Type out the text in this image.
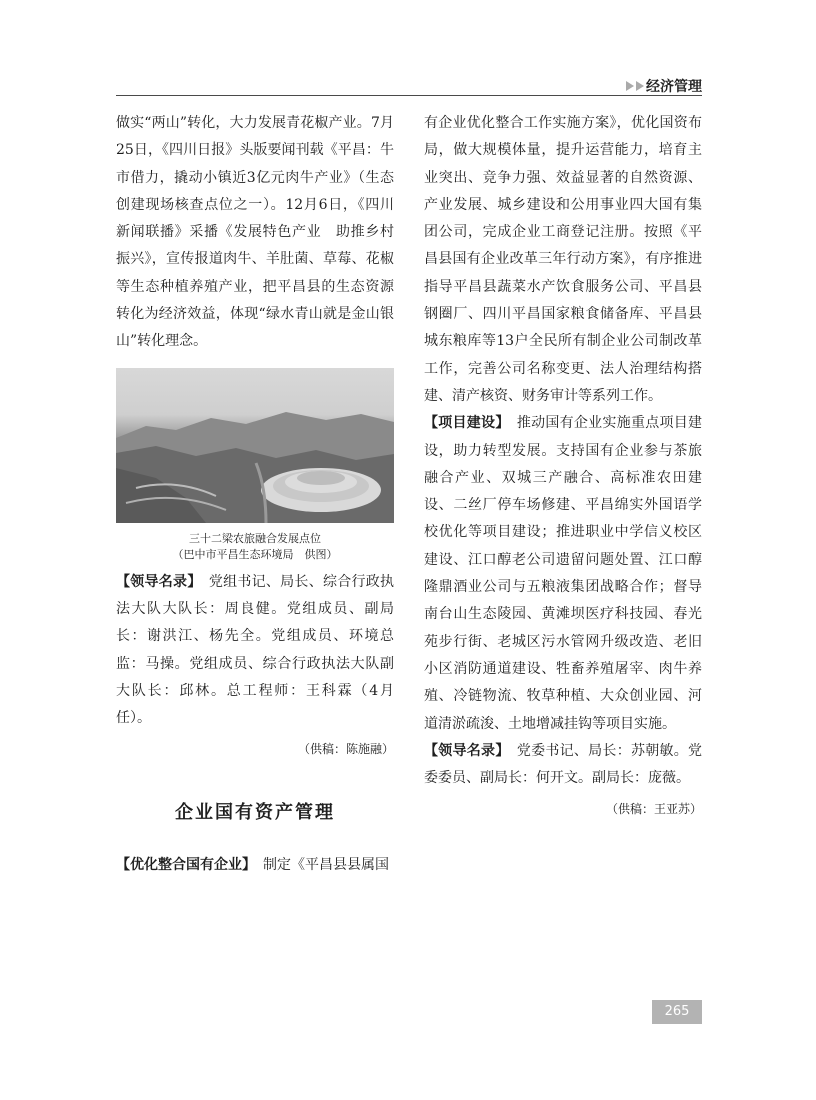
经济管理

做实“两山”转化，大力发展青花椒产业。7月25日，《四川日报》头版要闻刊载《平昌：牛市借力，撬动小镇近3亿元肉牛产业》（生态创建现场核查点位之一）。12月6日，《四川新闻联播》采播《发展特色产业　助推乡村振兴》，宣传报道肉牛、羊肚菌、草莓、花椒等生态种植养殖产业，把平昌县的生态资源转化为经济效益，体现“绿水青山就是金山银山”转化理念。

三十二梁农旅融合发展点位
（巴中市平昌生态环境局　供图）

【领导名录】　党组书记、局长、综合行政执法大队大队长：周良健。党组成员、副局长：谢洪江、杨先全。党组成员、环境总监：马操。党组成员、综合行政执法大队副大队长：邱林。总工程师：王科霖（4月任）。

（供稿：陈施融）
企业国有资产管理
【优化整合国有企业】　制定《平昌县县属国

有企业优化整合工作实施方案》，优化国资布局，做大规模体量，提升运营能力，培育主业突出、竞争力强、效益显著的自然资源、产业发展、城乡建设和公用事业四大国有集团公司，完成企业工商登记注册。按照《平昌县国有企业改革三年行动方案》，有序推进指导平昌县蔬菜水产饮食服务公司、平昌县钢圈厂、四川平昌国家粮食储备库、平昌县城东粮库等13户全民所有制企业公司制改革工作，完善公司名称变更、法人治理结构搭建、清产核资、财务审计等系列工作。

【项目建设】　推动国有企业实施重点项目建设，助力转型发展。支持国有企业参与茶旅融合产业、双城三产融合、高标准农田建设、二丝厂停车场修建、平昌绵实外国语学校优化等项目建设；推进职业中学信义校区建设、江口醇老公司遗留问题处置、江口醇隆鼎酒业公司与五粮液集团战略合作；督导南台山生态陵园、黄滩坝医疗科技园、春光苑步行街、老城区污水管网升级改造、老旧小区消防通道建设、牲畜养殖屠宰、肉牛养殖、冷链物流、牧草种植、大众创业园、河道清淤疏浚、土地增减挂钩等项目实施。

【领导名录】　党委书记、局长：苏朝敏。党委委员、副局长：何开文。副局长：庞薇。

（供稿：王亚苏）
265
